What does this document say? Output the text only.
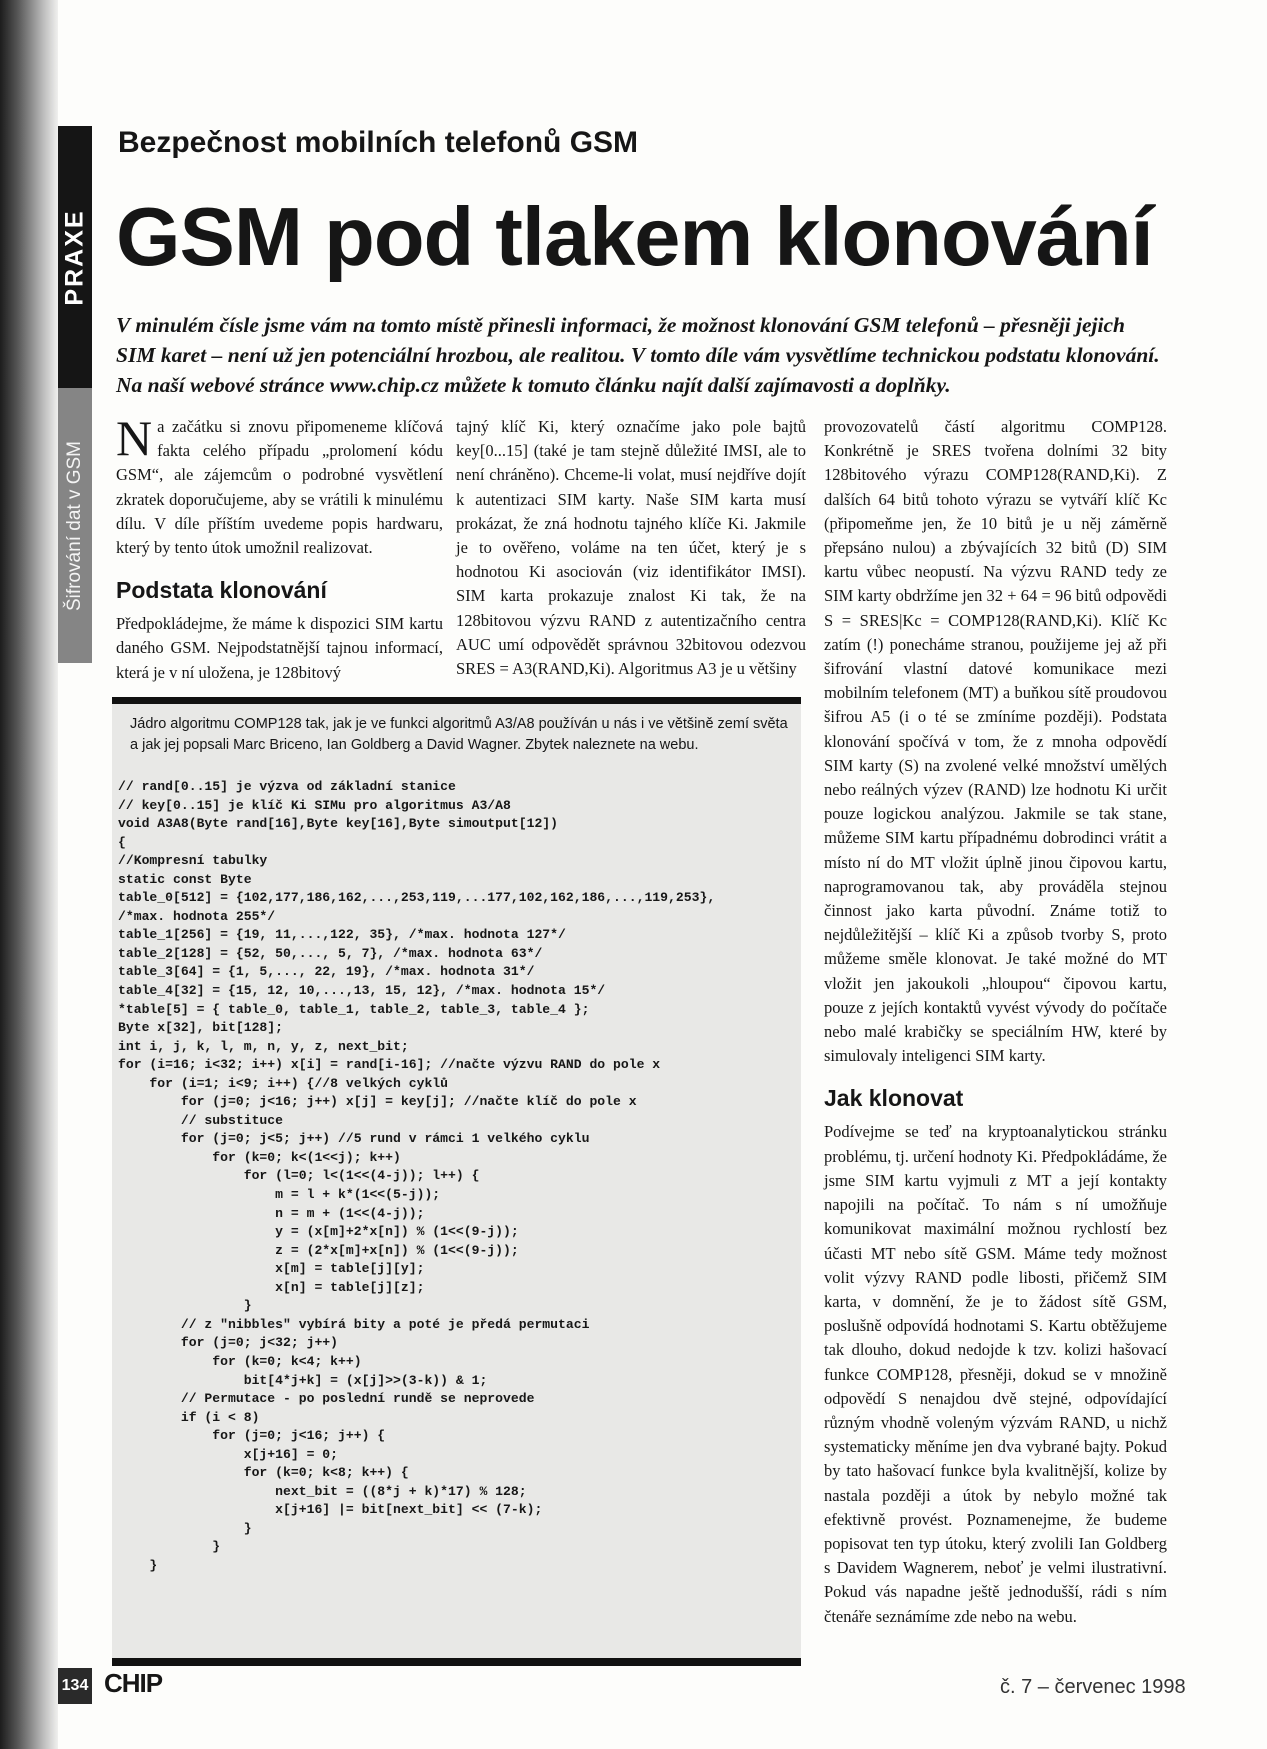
PRAXE
Šifrování dat v GSM
Bezpečnost mobilních telefonů GSM
GSM pod tlakem klonování
V minulém čísle jsme vám na tomto místě přinesli informaci, že možnost klonování GSM telefonů – přesněji jejich SIM karet – není už jen potenciální hrozbou, ale realitou. V tomto díle vám vysvětlíme technickou podstatu klonování. Na naší webové stránce www.chip.cz můžete k tomuto článku najít další zajímavosti a doplňky.

Na začátku si znovu připomeneme klíčová fakta celého případu „prolomení kódu GSM“, ale zájemcům o podrobné vysvětlení zkratek doporučujeme, aby se vrátili k minulému dílu. V díle příštím uvedeme popis hardwaru, který by tento útok umožnil realizovat.

Podstata klonování

Předpokládejme, že máme k dispozici SIM kartu daného GSM. Nejpodstatnější tajnou informací, která je v ní uložena, je 128bitový

tajný klíč Ki, který označíme jako pole bajtů key[0...15] (také je tam stejně důležité IMSI, ale to není chráněno). Chceme-li volat, musí nejdříve dojít k autentizaci SIM karty. Naše SIM karta musí prokázat, že zná hodnotu tajného klíče Ki. Jakmile je to ověřeno, voláme na ten účet, který je s hodnotou Ki asociován (viz identifikátor IMSI). SIM karta prokazuje znalost Ki tak, že na 128bitovou výzvu RAND z autentizačního centra AUC umí odpovědět správnou 32bitovou odezvou SRES = A3(RAND,Ki). Algoritmus A3 je u většiny

provozovatelů částí algoritmu COMP128. Konkrétně je SRES tvořena dolními 32 bity 128bitového výrazu COMP128(RAND,Ki). Z dalších 64 bitů tohoto výrazu se vytváří klíč Kc (připomeňme jen, že 10 bitů je u něj záměrně přepsáno nulou) a zbývajících 32 bitů (D) SIM kartu vůbec neopustí. Na výzvu RAND tedy ze SIM karty obdržíme jen 32 + 64 = 96 bitů odpovědi S = SRES|Kc = COMP128(RAND,Ki). Klíč Kc zatím (!) ponecháme stranou, použijeme jej až při šifrování vlastní datové komunikace mezi mobilním telefonem (MT) a buňkou sítě proudovou šifrou A5 (i o té se zmíníme později). Podstata klonování spočívá v tom, že z mnoha odpovědí SIM karty (S) na zvolené velké množství umělých nebo reálných výzev (RAND) lze hodnotu Ki určit pouze logickou analýzou. Jakmile se tak stane, můžeme SIM kartu případnému dobrodinci vrátit a místo ní do MT vložit úplně jinou čipovou kartu, naprogramovanou tak, aby prováděla stejnou činnost jako karta původní. Známe totiž to nejdůležitější – klíč Ki a způsob tvorby S, proto můžeme směle klonovat. Je také možné do MT vložit jen jakoukoli „hloupou“ čipovou kartu, pouze z jejích kontaktů vyvést vývody do počítače nebo malé krabičky se speciálním HW, které by simulovaly inteligenci SIM karty.

Jak klonovat

Podívejme se teď na kryptoanalytickou stránku problému, tj. určení hodnoty Ki. Předpokládáme, že jsme SIM kartu vyjmuli z MT a její kontakty napojili na počítač. To nám s ní umožňuje komunikovat maximální možnou rychlostí bez účasti MT nebo sítě GSM. Máme tedy možnost volit výzvy RAND podle libosti, přičemž SIM karta, v domnění, že je to žádost sítě GSM, poslušně odpovídá hodnotami S. Kartu obtěžujeme tak dlouho, dokud nedojde k tzv. kolizi hašovací funkce COMP128, přesněji, dokud se v množině odpovědí S nenajdou dvě stejné, odpovídající různým vhodně voleným výzvám RAND, u nichž systematicky měníme jen dva vybrané bajty. Pokud by tato hašovací funkce byla kvalitnější, kolize by nastala později a útok by nebylo možné tak efektivně provést. Poznamenejme, že budeme popisovat ten typ útoku, který zvolili Ian Goldberg s Davidem Wagnerem, neboť je velmi ilustrativní. Pokud vás napadne ještě jednodušší, rádi s ním čtenáře seznámíme zde nebo na webu.

Jádro algoritmu COMP128 tak, jak je ve funkci algoritmů A3/A8 používán u nás i ve většině zemí světa a jak jej popsali Marc Briceno, Ian Goldberg a David Wagner. Zbytek naleznete na webu.
// rand[0..15] je výzva od základní stanice
// key[0..15] je klíč Ki SIMu pro algoritmus A3/A8
void A3A8(Byte rand[16],Byte key[16],Byte simoutput[12])
{
//Kompresní tabulky
static const Byte
table_0[512] = {102,177,186,162,...,253,119,...177,102,162,186,...,119,253},
/*max. hodnota 255*/
table_1[256] = {19, 11,...,122, 35}, /*max. hodnota 127*/
table_2[128] = {52, 50,..., 5, 7}, /*max. hodnota 63*/
table_3[64] = {1, 5,..., 22, 19}, /*max. hodnota 31*/
table_4[32] = {15, 12, 10,...,13, 15, 12}, /*max. hodnota 15*/
*table[5] = { table_0, table_1, table_2, table_3, table_4 };
Byte x[32], bit[128];
int i, j, k, l, m, n, y, z, next_bit;
for (i=16; i<32; i++) x[i] = rand[i-16]; //načte výzvu RAND do pole x
for (i=1; i<9; i++) {//8 velkých cyklů
for (j=0; j<16; j++) x[j] = key[j]; //načte klíč do pole x
// substituce
for (j=0; j<5; j++) //5 rund v rámci 1 velkého cyklu
for (k=0; k<(1<<j); k++)
for (l=0; l<(1<<(4-j)); l++) {
m = l + k*(1<<(5-j));
n = m + (1<<(4-j));
y = (x[m]+2*x[n]) % (1<<(9-j));
z = (2*x[m]+x[n]) % (1<<(9-j));
x[m] = table[j][y];
x[n] = table[j][z];
}
// z "nibbles" vybírá bity a poté je předá permutaci
for (j=0; j<32; j++)
for (k=0; k<4; k++)
bit[4*j+k] = (x[j]>>(3-k)) & 1;
// Permutace - po poslední rundě se neprovede
if (i < 8)
for (j=0; j<16; j++) {
x[j+16] = 0;
for (k=0; k<8; k++) {
next_bit = ((8*j + k)*17) % 128;
x[j+16] |= bit[next_bit] << (7-k);
}
}
}
134 CHIP	č. 7 – červenec 1998
